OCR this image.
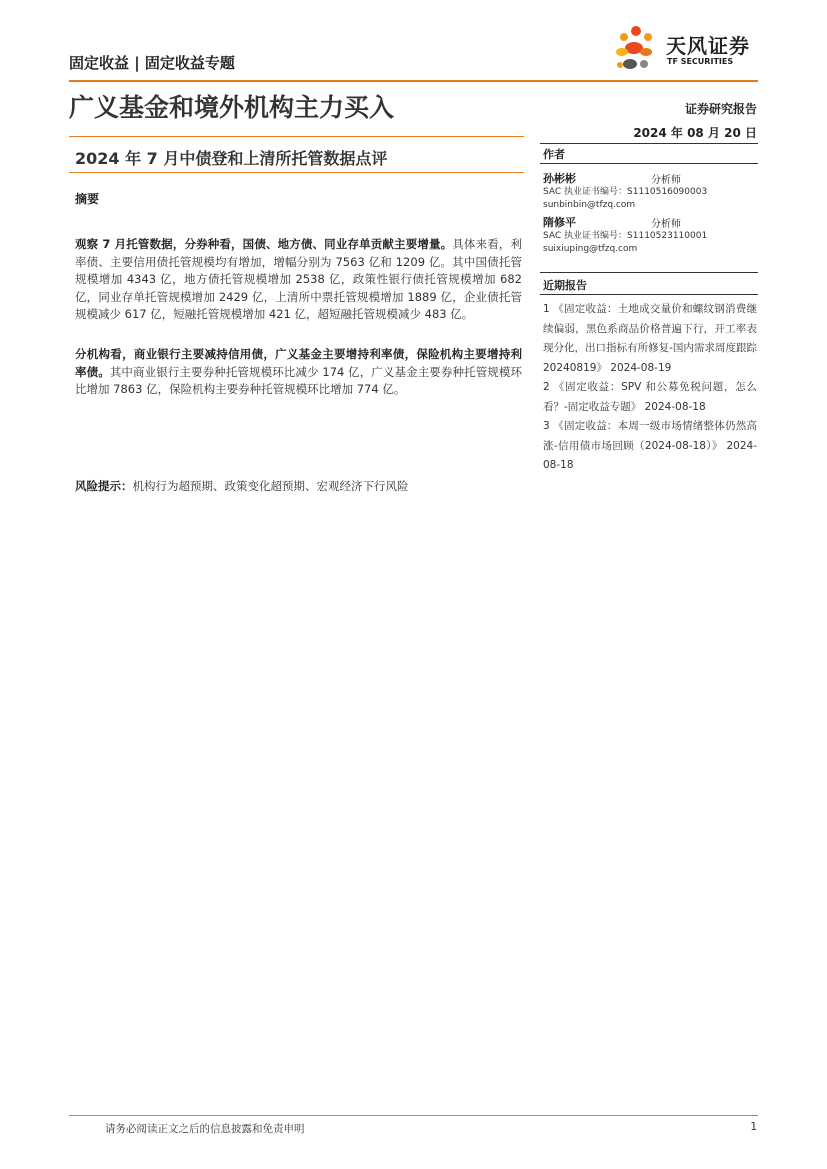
固定收益 | 固定收益专题
天风证券
TF SECURITIES
广义基金和境外机构主力买入	证券研究报告
2024 年 08 月 20 日
2024 年 7 月中债登和上清所托管数据点评	作者
孙彬彬	分析师
SAC 执业证书编号：S1110516090003
sunbinbin@tfzq.com
隋修平	分析师
SAC 执业证书编号：S1110523110001
suixiuping@tfzq.com
近期报告

1 《固定收益：土地成交量价和螺纹钢消费继续偏弱，黑色系商品价格普遍下行，开工率表现分化，出口指标有所修复-国内需求周度跟踪 20240819》 2024-08-19

2 《固定收益：SPV 和公募免税问题，怎么看？-固定收益专题》 2024-08-18

3 《固定收益：本周一级市场情绪整体仍然高涨-信用债市场回顾（2024-08-18）》 2024-08-18

摘要
观察 7 月托管数据，分券种看，国债、地方债、同业存单贡献主要增量。具体来看，利率债、主要信用债托管规模均有增加，增幅分别为 7563 亿和 1209 亿。其中国债托管规模增加 4343 亿，地方债托管规模增加 2538 亿，政策性银行债托管规模增加 682 亿，同业存单托管规模增加 2429 亿，上清所中票托管规模增加 1889 亿，企业债托管规模减少 617 亿，短融托管规模增加 421 亿，超短融托管规模减少 483 亿。
分机构看，商业银行主要减持信用债，广义基金主要增持利率债，保险机构主要增持利率债。其中商业银行主要券种托管规模环比减少 174 亿，广义基金主要券种托管规模环比增加 7863 亿，保险机构主要券种托管规模环比增加 774 亿。
风险提示：机构行为超预期、政策变化超预期、宏观经济下行风险
请务必阅读正文之后的信息披露和免责申明	1
